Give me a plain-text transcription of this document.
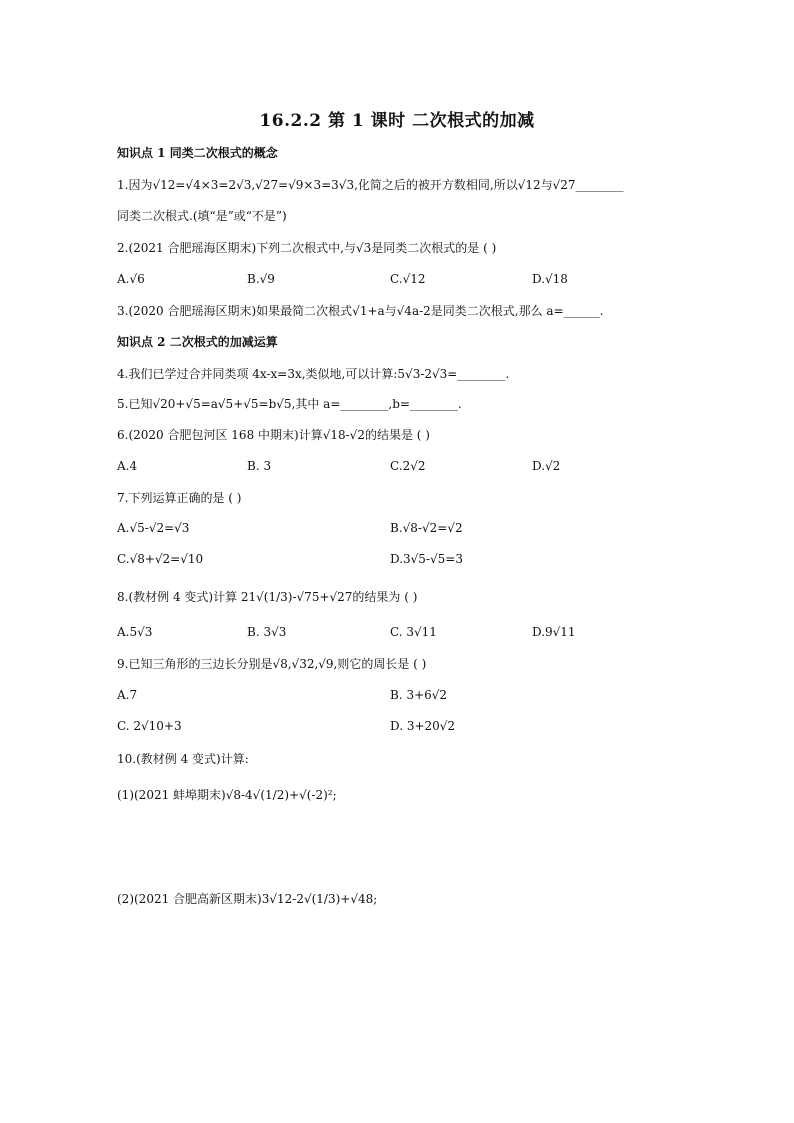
16.2.2 第 1 课时 二次根式的加减
知识点 1 同类二次根式的概念
1.因为√12=√4×3=2√3,√27=√9×3=3√3,化简之后的被开方数相同,所以√12与√27________
同类二次根式.(填“是”或“不是”)
2.(2021 合肥瑶海区期末)下列二次根式中,与√3是同类二次根式的是 ( )
A.√6	B.√9	C.√12	D.√18
3.(2020 合肥瑶海区期末)如果最简二次根式√1+a与√4a-2是同类二次根式,那么 a=______.
知识点 2 二次根式的加减运算
4.我们已学过合并同类项 4x-x=3x,类似地,可以计算:5√3-2√3=________.
5.已知√20+√5=a√5+√5=b√5,其中 a=________,b=________.
6.(2020 合肥包河区 168 中期末)计算√18-√2的结果是 ( )
A.4	B. 3	C.2√2	D.√2
7.下列运算正确的是 ( )
A.√5-√2=√3	B.√8-√2=√2
C.√8+√2=√10	D.3√5-√5=3
8.(教材例 4 变式)计算 21√(1/3)-√75+√27的结果为 ( )
A.5√3	B. 3√3	C. 3√11	D.9√11
9.已知三角形的三边长分别是√8,√32,√9,则它的周长是 ( )
A.7	B. 3+6√2
C. 2√10+3	D. 3+20√2
10.(教材例 4 变式)计算:
(1)(2021 蚌埠期末)√8-4√(1/2)+√(-2)²;
(2)(2021 合肥高新区期末)3√12-2√(1/3)+√48;
